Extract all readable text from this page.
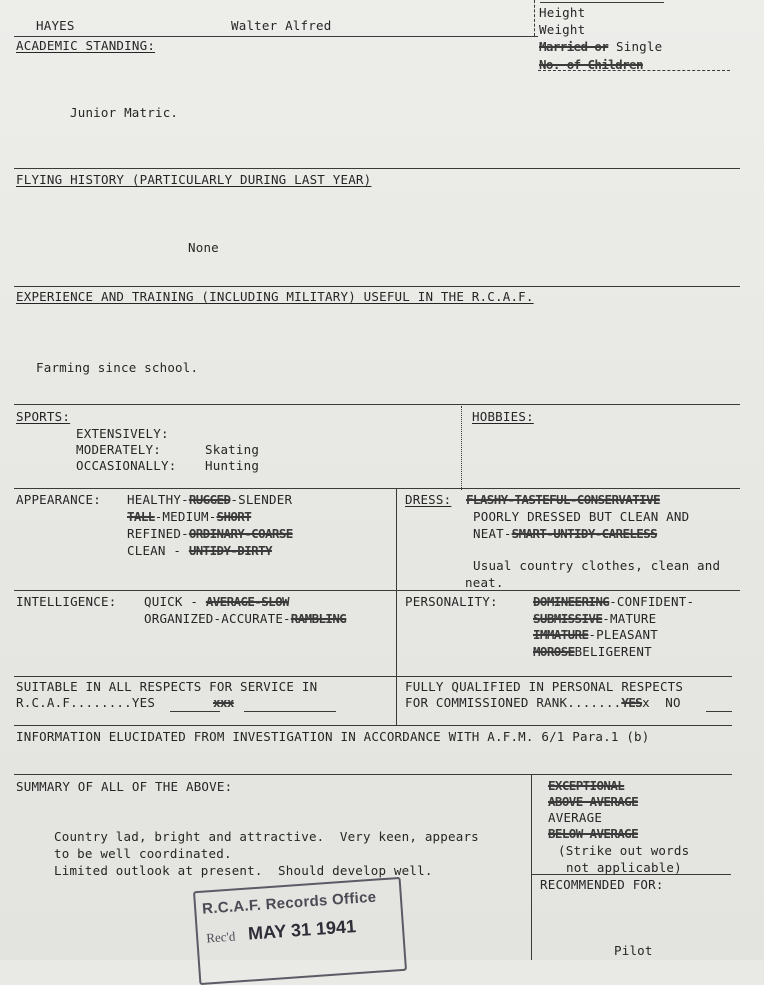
HAYES	Walter Alfred
Height
Weight
Married or Single
No. of Children
ACADEMIC STANDING:
Junior Matric.
FLYING HISTORY (PARTICULARLY DURING LAST YEAR)
None
EXPERIENCE AND TRAINING (INCLUDING MILITARY) USEFUL IN THE R.C.A.F.
Farming since school.
SPORTS:	HOBBIES:
EXTENSIVELY:
MODERATELY:	Skating
OCCASIONALLY: Hunting
APPEARANCE: HEALTHY-RUGGED-SLENDER
TALL-MEDIUM-SHORT
REFINED-ORDINARY-COARSE
CLEAN - UNTIDY-DIRTY
DRESS: FLASHY-TASTEFUL-CONSERVATIVE
POORLY DRESSED BUT CLEAN AND
NEAT-SMART-UNTIDY-CARELESS
Usual country clothes, clean and
neat.
INTELLIGENCE: QUICK - AVERAGE-SLOW
ORGANIZED-ACCURATE-RAMBLING
PERSONALITY:	DOMINEERING-CONFIDENT-
SUBMISSIVE-MATURE
IMMATURE-PLEASANT
MOROSEBELIGERENT
SUITABLE IN ALL RESPECTS FOR SERVICE IN
R.C.A.F........YES	xxx
FULLY QUALIFIED IN PERSONAL RESPECTS
FOR COMMISSIONED RANK.......YESx NO
INFORMATION ELUCIDATED FROM INVESTIGATION IN ACCORDANCE WITH A.F.M. 6/1 Para.1 (b)
SUMMARY OF ALL OF THE ABOVE:
Country lad, bright and attractive.  Very keen, appears
to be well coordinated.
Limited outlook at present.  Should develop well.
EXCEPTIONAL
ABOVE AVERAGE
AVERAGE
BELOW AVERAGE
(Strike out words
not applicable)
RECOMMENDED FOR:
Pilot
R.C.A.F. Records Office
Rec'd MAY 31 1941
